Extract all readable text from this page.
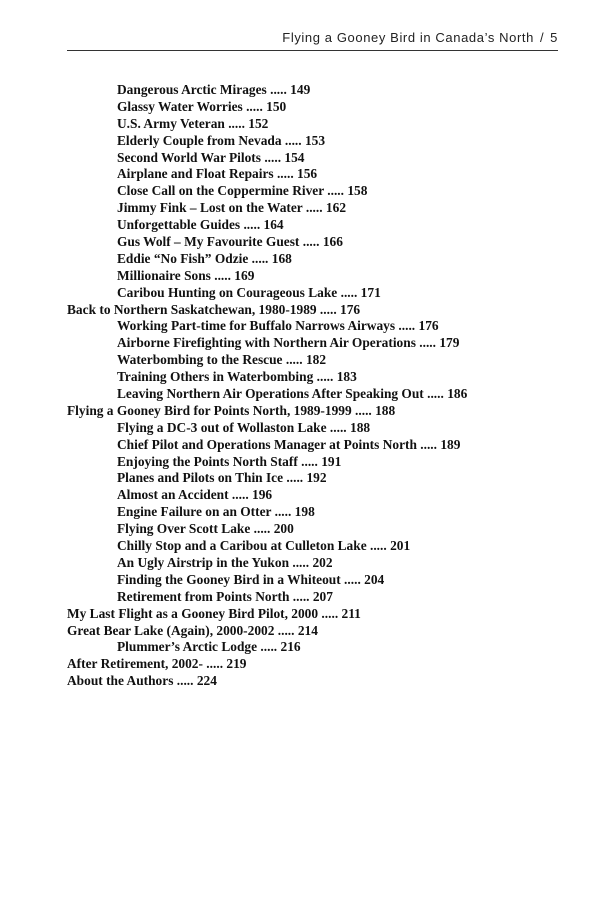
Flying a Gooney Bird in Canada’s North / 5
Dangerous Arctic Mirages ..... 149
Glassy Water Worries ..... 150
U.S. Army Veteran ..... 152
Elderly Couple from Nevada ..... 153
Second World War Pilots ..... 154
Airplane and Float Repairs ..... 156
Close Call on the Coppermine River ..... 158
Jimmy Fink – Lost on the Water ..... 162
Unforgettable Guides ..... 164
Gus Wolf – My Favourite Guest ..... 166
Eddie “No Fish” Odzie ..... 168
Millionaire Sons ..... 169
Caribou Hunting on Courageous Lake ..... 171
Back to Northern Saskatchewan, 1980-1989 ..... 176
Working Part-time for Buffalo Narrows Airways ..... 176
Airborne Firefighting with Northern Air Operations ..... 179
Waterbombing to the Rescue ..... 182
Training Others in Waterbombing ..... 183
Leaving Northern Air Operations After Speaking Out ..... 186
Flying a Gooney Bird for Points North, 1989-1999 ..... 188
Flying a DC-3 out of Wollaston Lake ..... 188
Chief Pilot and Operations Manager at Points North ..... 189
Enjoying the Points North Staff ..... 191
Planes and Pilots on Thin Ice ..... 192
Almost an Accident ..... 196
Engine Failure on an Otter ..... 198
Flying Over Scott Lake ..... 200
Chilly Stop and a Caribou at Culleton Lake ..... 201
An Ugly Airstrip in the Yukon ..... 202
Finding the Gooney Bird in a Whiteout ..... 204
Retirement from Points North ..... 207
My Last Flight as a Gooney Bird Pilot, 2000 ..... 211
Great Bear Lake (Again), 2000-2002 ..... 214
Plummer’s Arctic Lodge ..... 216
After Retirement, 2002- ..... 219
About the Authors ..... 224
